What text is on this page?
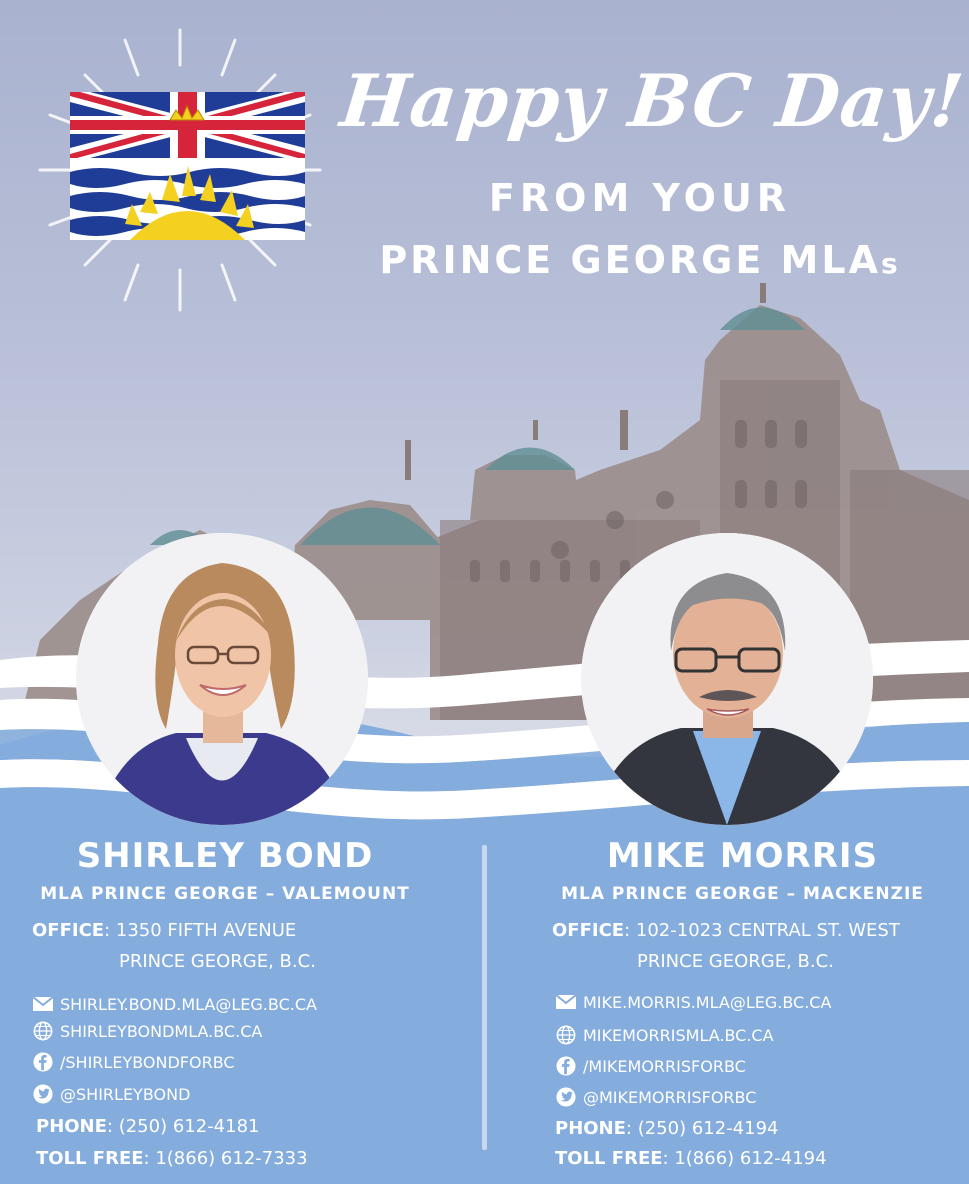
Happy BC Day!
FROM YOUR
PRINCE GEORGE MLAs
SHIRLEY BOND
MLA PRINCE GEORGE – VALEMOUNT
OFFICE: 1350 FIFTH AVENUE
PRINCE GEORGE, B.C.
SHIRLEY.BOND.MLA@LEG.BC.CA
SHIRLEYBONDMLA.BC.CA
/SHIRLEYBONDFORBC
@SHIRLEYBOND
PHONE: (250) 612-4181
TOLL FREE: 1(866) 612-7333
MIKE MORRIS
MLA PRINCE GEORGE – MACKENZIE
OFFICE: 102-1023 CENTRAL ST. WEST
PRINCE GEORGE, B.C.
MIKE.MORRIS.MLA@LEG.BC.CA
MIKEMORRISMLA.BC.CA
/MIKEMORRISFORBC
@MIKEMORRISFORBC
PHONE: (250) 612-4194
TOLL FREE: 1(866) 612-4194
